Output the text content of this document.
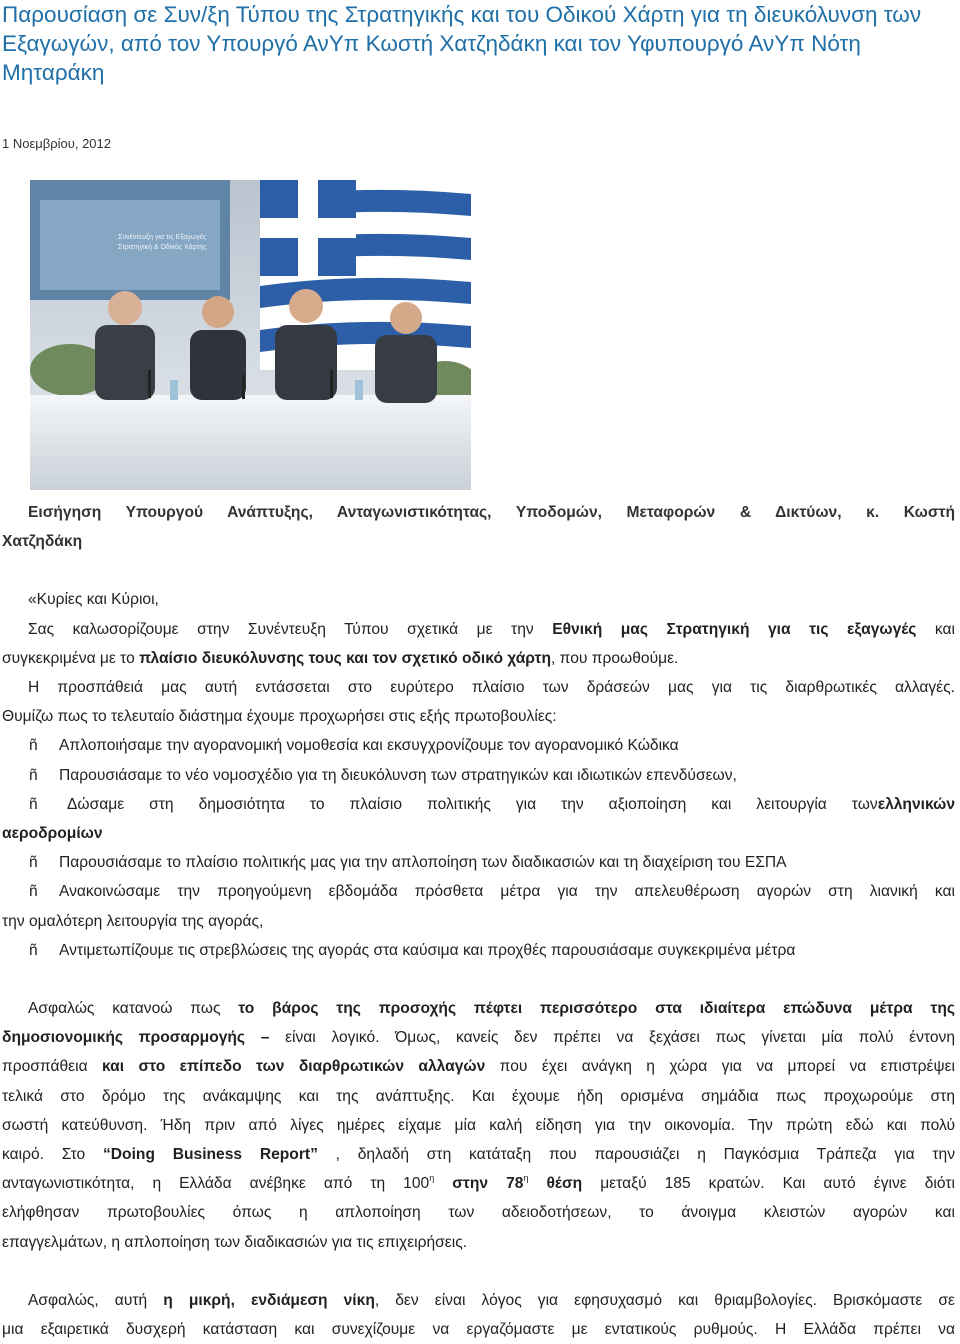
Παρουσίαση σε Συν/ξη Τύπου της Στρατηγικής και του Οδικού Χάρτη για τη διευκόλυνση των Εξαγωγών, από τον Υπουργό ΑνΥπ Κωστή Χατζηδάκη και τον Υφυπουργό ΑνΥπ Νότη Μηταράκη
1 Νοεμβρίου, 2012
Συνέντευξη για τις Εξαγωγές
Στρατηγική & Οδικός Χάρτης

Εισήγηση Υπουργού Ανάπτυξης, Ανταγωνιστικότητας, Υποδομών, Μεταφορών & Δικτύων, κ. Κωστή

Χατζηδάκη

«Κυρίες και Κύριοι,

Σας καλωσορίζουμε στην Συνέντευξη Τύπου σχετικά με την Εθνική μας Στρατηγική για τις εξαγωγές και

συγκεκριμένα με το πλαίσιο διευκόλυνσης τους και τον σχετικό οδικό χάρτη, που προωθούμε.

Η προσπάθειά μας αυτή εντάσσεται στο ευρύτερο πλαίσιο των δράσεών μας για τις διαρθρωτικές αλλαγές.

Θυμίζω πως το τελευταίο διάστημα έχουμε προχωρήσει στις εξής πρωτοβουλίες:

ñ Απλοποιήσαμε την αγορανομική νομοθεσία και εκσυγχρονίζουμε τον αγορανομικό Κώδικα

ñ Παρουσιάσαμε το νέο νομοσχέδιο για τη διευκόλυνση των στρατηγικών και ιδιωτικών επενδύσεων,

ñ Δώσαμε στη δημοσιότητα το πλαίσιο πολιτικής για την αξιοποίηση και λειτουργία τωνελληνικών

αεροδρομίων

ñ Παρουσιάσαμε το πλαίσιο πολιτικής μας για την απλοποίηση των διαδικασιών και τη διαχείριση του ΕΣΠΑ

ñ Ανακοινώσαμε την προηγούμενη εβδομάδα πρόσθετα μέτρα για την απελευθέρωση αγορών στη λιανική και

την ομαλότερη λειτουργία της αγοράς,

ñ Αντιμετωπίζουμε τις στρεβλώσεις της αγοράς στα καύσιμα και προχθές παρουσιάσαμε συγκεκριμένα μέτρα

Ασφαλώς κατανοώ πως το βάρος της προσοχής πέφτει περισσότερο στα ιδιαίτερα επώδυνα μέτρα της

δημοσιονομικής προσαρμογής – είναι λογικό. Όμως, κανείς δεν πρέπει να ξεχάσει πως γίνεται μία πολύ έντονη

προσπάθεια και στο επίπεδο των διαρθρωτικών αλλαγών που έχει ανάγκη η χώρα για να μπορεί να επιστρέψει

τελικά στο δρόμο της ανάκαμψης και της ανάπτυξης. Και έχουμε ήδη ορισμένα σημάδια πως προχωρούμε στη

σωστή κατεύθυνση. Ήδη πριν από λίγες ημέρες είχαμε μία καλή είδηση για την οικονομία. Την πρώτη εδώ και πολύ

καιρό. Στο “Doing Business Report” , δηλαδή στη κατάταξη που παρουσιάζει η Παγκόσμια Τράπεζα για την

ανταγωνιστικότητα, η Ελλάδα ανέβηκε από τη $100^\eta$ στην $78^\eta$ θέση μεταξύ 185 κρατών. Και αυτό έγινε διότι

ελήφθησαν πρωτοβουλίες όπως η απλοποίηση των αδειοδοτήσεων, το άνοιγμα κλειστών αγορών και

επαγγελμάτων, η απλοποίηση των διαδικασιών για τις επιχειρήσεις.

Ασφαλώς, αυτή η μικρή, ενδιάμεση νίκη, δεν είναι λόγος για εφησυχασμό και θριαμβολογίες. Βρισκόμαστε σε

μια εξαιρετικά δυσχερή κατάσταση και συνεχίζουμε να εργαζόμαστε με εντατικούς ρυθμούς. Η Ελλάδα πρέπει να
